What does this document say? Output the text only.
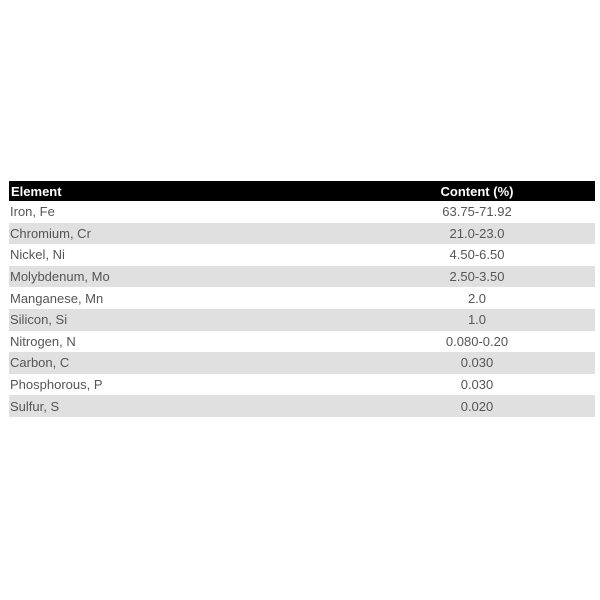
Element	Content (%)
Iron, Fe	63.75-71.92
Chromium, Cr	21.0-23.0
Nickel, Ni	4.50-6.50
Molybdenum, Mo	2.50-3.50
Manganese, Mn	2.0
Silicon, Si	1.0
Nitrogen, N	0.080-0.20
Carbon, C	0.030
Phosphorous, P	0.030
Sulfur, S	0.020
